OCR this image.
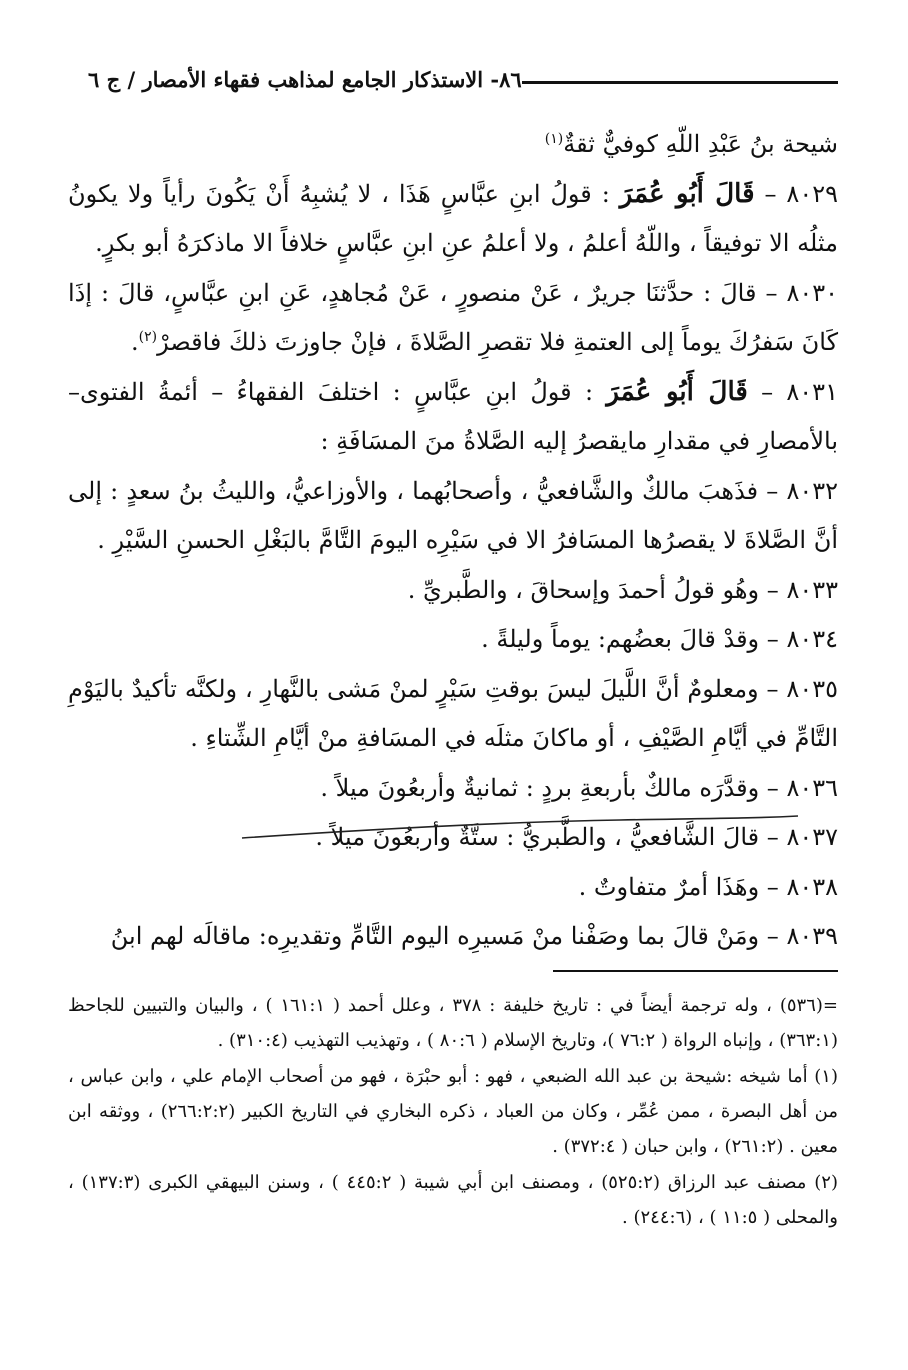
٨٦- الاستذكار الجامع لمذاهب فقهاء الأمصار / ج ٦

شيحة بنُ عَبْدِ اللّهِ كوفيٌّ ثقةٌ$^{(١)}$

٨٠٢٩ – قَالَ أَبُو عُمَرَ : قولُ ابنِ عبَّاسٍ هَذَا ، لا يُشبِهُ أَنْ يَكُونَ رأياً ولا يكونُ مثلُه الا توفيقاً ، واللّهُ أعلمُ ، ولا أعلمُ عنِ ابنِ عبَّاسٍ خلافاً الا ماذكرَهُ أبو بكرٍ.

٨٠٣٠ – قالَ : حدَّثنَا جريرٌ ، عَنْ منصورٍ ، عَنْ مُجاهدٍ، عَنِ ابنِ عبَّاسٍ، قالَ : إذَا كَانَ سَفرُكَ يوماً إلى العتمةِ فلا تقصرِ الصَّلاةَ ، فإنْ جاوزتَ ذلكَ فاقصرْ$^{(٢)}$.

٨٠٣١ – قَالَ أَبُو عُمَرَ : قولُ ابنِ عبَّاسٍ : اختلفَ الفقهاءُ – أئمةُ الفتوى– بالأمصارِ في مقدارِ مايقصرُ إليه الصَّلاةُ منَ المسَافَةِ :

٨٠٣٢ – فذَهبَ مالكٌ والشَّافعيُّ ، وأصحابُهما ، والأوزاعيُّ، والليثُ بنُ سعدٍ : إلى أنَّ الصَّلاةَ لا يقصرُها المسَافرُ الا في سَيْرِه اليومَ التَّامَّ بالبَغْلِ الحسنِ السَّيْرِ .

٨٠٣٣ – وهُو قولُ أحمدَ وإسحاقَ ، والطَّبريِّ .

٨٠٣٤ – وقدْ قالَ بعضُهم: يوماً وليلةً .

٨٠٣٥ – ومعلومٌ أنَّ اللَّيلَ ليسَ بوقتِ سَيْرٍ لمنْ مَشى بالنَّهارِ ، ولكنَّه تأكيدٌ باليَوْمِ التَّامِّ في أيَّامِ الصَّيْفِ ، أو ماكانَ مثلَه في المسَافةِ منْ أيَّامِ الشِّتاءِ .

٨٠٣٦ – وقدَّرَه مالكٌ بأربعةِ بردٍ : ثمانيةٌ وأربعُونَ ميلاً .

٨٠٣٧ – قالَ الشَّافعيُّ ، والطَّبريُّ : ستَّةٌ وأربعُونَ ميلاً .

٨٠٣٨ – وهَذَا أمرٌ متفاوتٌ .

٨٠٣٩ – ومَنْ قالَ بما وصَفْنا منْ مَسيرِه اليوم التَّامِّ وتقديرِه: ماقالَه لهم ابنُ

=(٥٣٦) ، وله ترجمة أيضاً في : تاريخ خليفة : ٣٧٨ ، وعلل أحمد ( ١٦١:١ ) ، والبيان والتبيين للجاحظ (٣٦٣:١) ، وإنباه الرواة ( ٧٦:٢ )، وتاريخ الإسلام ( ٨٠:٦ ) ، وتهذيب التهذيب (٣١٠:٤) .

(١) أما شيخه :شيحة بن عبد الله الضبعي ، فهو : أبو حبْرَة ، فهو من أصحاب الإمام علي ، وابن عباس ، من أهل البصرة ، ممن عُمِّر ، وكان من العباد ، ذكره البخاري في التاريخ الكبير (٢٦٦:٢:٢) ، ووثقه ابن معين . (٢٦١:٢) ، وابن حبان ( ٣٧٢:٤) .

(٢) مصنف عبد الرزاق (٥٢٥:٢) ، ومصنف ابن أبي شيبة ( ٤٤٥:٢ ) ، وسنن البيهقي الكبرى (١٣٧:٣) ، والمحلى ( ١١:٥ ) ، (٢٤٤:٦) .
